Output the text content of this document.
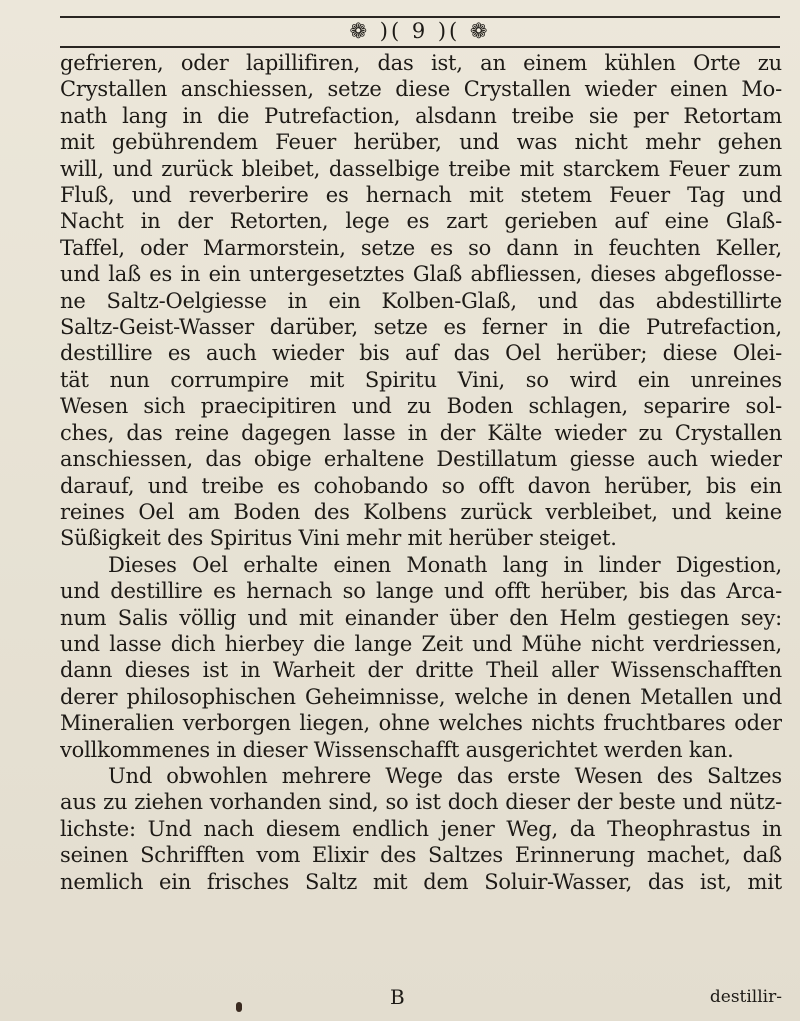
❁ )( 9 )( ❁
gefrieren, oder lapillifiren, das ist, an einem kühlen Orte zu
Crystallen anschiessen, setze diese Crystallen wieder einen Mo-
nath lang in die Putrefaction, alsdann treibe sie per Retortam
mit gebührendem Feuer herüber, und was nicht mehr gehen
will, und zurück bleibet, dasselbige treibe mit starckem Feuer zum
Fluß, und reverberire es hernach mit stetem Feuer Tag und
Nacht in der Retorten, lege es zart gerieben auf eine Glaß-
Taffel, oder Marmorstein, setze es so dann in feuchten Keller,
und laß es in ein untergesetztes Glaß abfliessen, dieses abgeflosse-
ne Saltz-Oelgiesse in ein Kolben-Glaß, und das abdestillirte
Saltz-Geist-Wasser darüber, setze es ferner in die Putrefaction,
destillire es auch wieder bis auf das Oel herüber; diese Olei-
tät nun corrumpire mit Spiritu Vini, so wird ein unreines
Wesen sich praecipitiren und zu Boden schlagen, separire sol-
ches, das reine dagegen lasse in der Kälte wieder zu Crystallen
anschiessen, das obige erhaltene Destillatum giesse auch wieder
darauf, und treibe es cohobando so offt davon herüber, bis ein
reines Oel am Boden des Kolbens zurück verbleibet, und keine
Süßigkeit des Spiritus Vini mehr mit herüber steiget.
Dieses Oel erhalte einen Monath lang in linder Digestion,
und destillire es hernach so lange und offt herüber, bis das Arca-
num Salis völlig und mit einander über den Helm gestiegen sey:
und lasse dich hierbey die lange Zeit und Mühe nicht verdriessen,
dann dieses ist in Warheit der dritte Theil aller Wissenschafften
derer philosophischen Geheimnisse, welche in denen Metallen und
Mineralien verborgen liegen, ohne welches nichts fruchtbares oder
vollkommenes in dieser Wissenschafft ausgerichtet werden kan.
Und obwohlen mehrere Wege das erste Wesen des Saltzes
aus zu ziehen vorhanden sind, so ist doch dieser der beste und nütz-
lichste: Und nach diesem endlich jener Weg, da Theophrastus in
seinen Schrifften vom Elixir des Saltzes Erinnerung machet, daß
nemlich ein frisches Saltz mit dem Soluir-Wasser, das ist, mit
B	destillir-
